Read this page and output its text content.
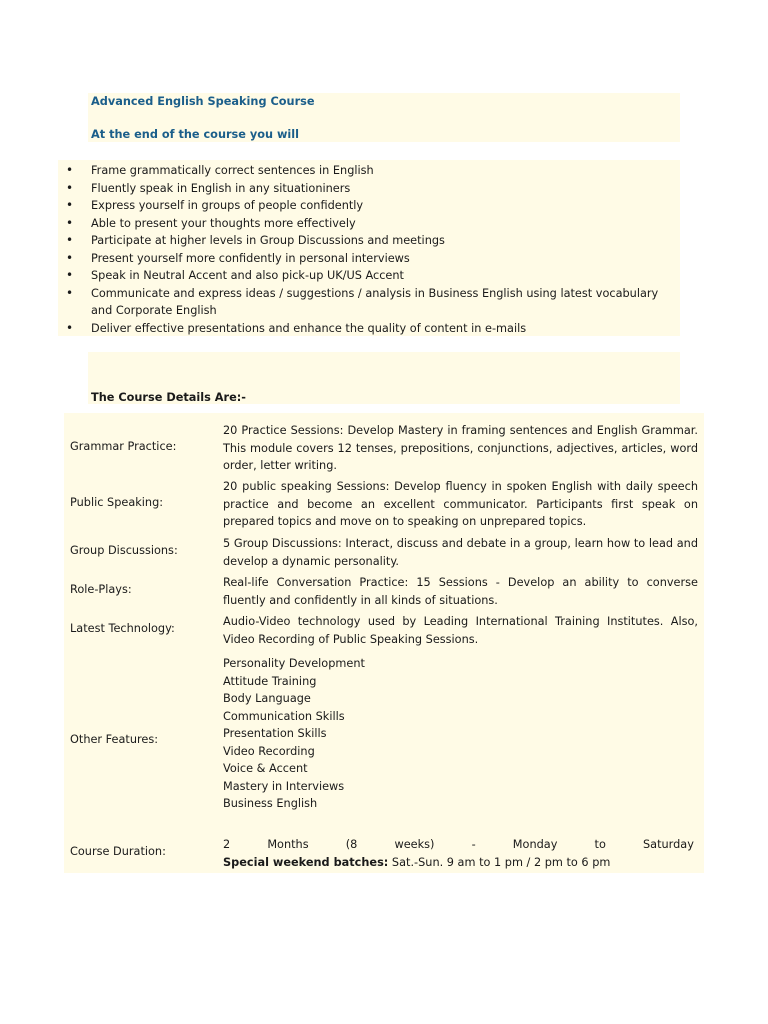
Advanced English Speaking Course
At the end of the course you will
• Frame grammatically correct sentences in English
• Fluently speak in English in any situationiners
• Express yourself in groups of people confidently
• Able to present your thoughts more effectively
• Participate at higher levels in Group Discussions and meetings
• Present yourself more confidently in personal interviews
• Speak in Neutral Accent and also pick-up UK/US Accent
• Communicate and express ideas / suggestions / analysis in Business English using latest vocabulary and Corporate English
• Deliver effective presentations and enhance the quality of content in e-mails
The Course Details Are:-
Grammar Practice:
20 Practice Sessions: Develop Mastery in framing sentences and English Grammar. This module covers 12 tenses, prepositions, conjunctions, adjectives, articles, word order, letter writing.
Public Speaking:
20 public speaking Sessions: Develop fluency in spoken English with daily speech practice and become an excellent communicator. Participants first speak on prepared topics and move on to speaking on unprepared topics.
Group Discussions:
5 Group Discussions: Interact, discuss and debate in a group, learn how to lead and develop a dynamic personality.
Role-Plays:
Real-life Conversation Practice: 15 Sessions - Develop an ability to converse fluently and confidently in all kinds of situations.
Latest Technology:
Audio-Video technology used by Leading International Training Institutes. Also, Video Recording of Public Speaking Sessions.
Other Features:
Personality Development
Attitude Training
Body Language
Communication Skills
Presentation Skills
Video Recording
Voice & Accent
Mastery in Interviews
Business English
Course Duration:
2	Months	(8	weeks)	-	Monday	to	Saturday
Special weekend batches: Sat.-Sun. 9 am to 1 pm / 2 pm to 6 pm
